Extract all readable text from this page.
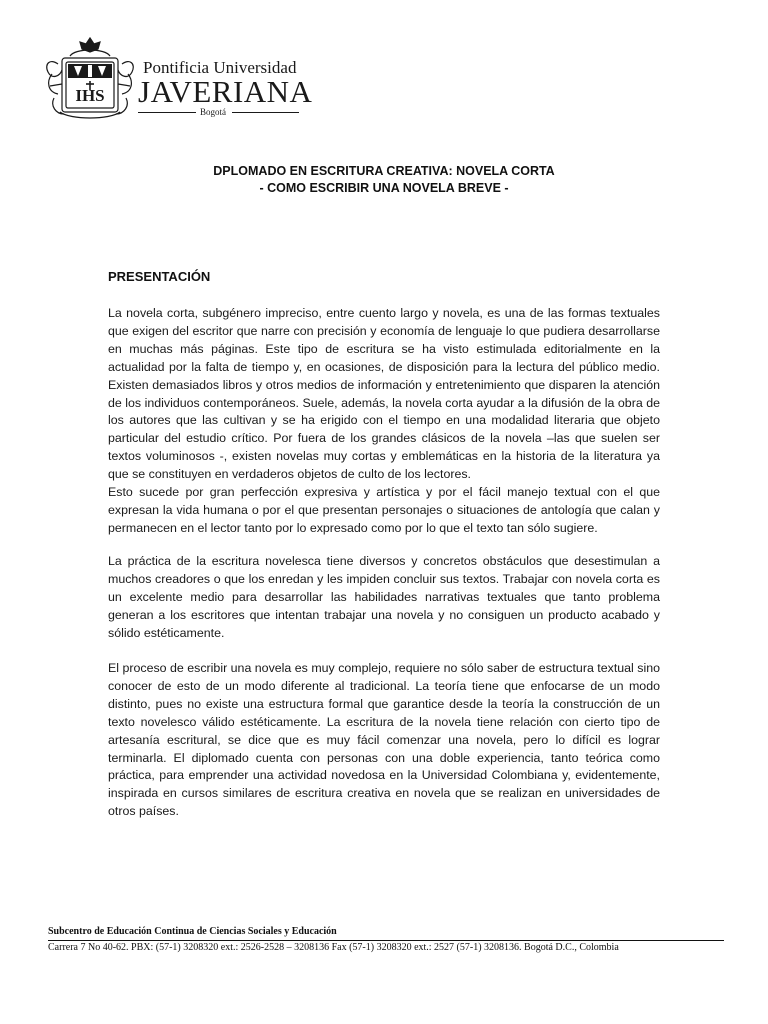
IHS
Pontificia Universidad
JAVERIANA
Bogotá
DPLOMADO EN ESCRITURA CREATIVA: NOVELA CORTA
- COMO ESCRIBIR UNA NOVELA BREVE -
PRESENTACIÓN

La novela corta, subgénero impreciso, entre cuento largo y novela, es una de las formas textuales que exigen del escritor que narre con precisión y economía de lenguaje lo que pudiera desarrollarse en muchas más páginas. Este tipo de escritura se ha visto estimulada editorialmente en la actualidad por la falta de tiempo y, en ocasiones, de disposición para la lectura del público medio. Existen demasiados libros y otros medios de información y entretenimiento que disparen la atención de los individuos contemporáneos. Suele, además, la novela corta ayudar a la difusión de la obra de los autores que las cultivan y se ha erigido con el tiempo en una modalidad literaria que objeto particular del estudio crítico. Por fuera de los grandes clásicos de la novela –las que suelen ser textos voluminosos -, existen novelas muy cortas y emblemáticas en la historia de la literatura ya que se constituyen en verdaderos objetos de culto de los lectores.

Esto sucede por gran perfección expresiva y artística y por el fácil manejo textual con el que expresan la vida humana o por el que presentan personajes o situaciones de antología que calan y permanecen en el lector tanto por lo expresado como por lo que el texto tan sólo sugiere.

La práctica de la escritura novelesca tiene diversos y concretos obstáculos que desestimulan a muchos creadores o que los enredan y les impiden concluir sus textos. Trabajar con novela corta es un excelente medio para desarrollar las habilidades narrativas textuales que tanto problema generan a los escritores que intentan trabajar una novela y no consiguen un producto acabado y sólido estéticamente.

El proceso de escribir una novela es muy complejo, requiere no sólo saber de estructura textual sino conocer de esto de un modo diferente al tradicional. La teoría tiene que enfocarse de un modo distinto, pues no existe una estructura formal que garantice desde la teoría la construcción de un texto novelesco válido estéticamente. La escritura de la novela tiene relación con cierto tipo de artesanía escritural, se dice que es muy fácil comenzar una novela, pero lo difícil es lograr terminarla. El diplomado cuenta con personas con una doble experiencia, tanto teórica como práctica, para emprender una actividad novedosa en la Universidad Colombiana y, evidentemente, inspirada en cursos similares de escritura creativa en novela que se realizan en universidades de otros países.

Subcentro de Educación Continua de Ciencias Sociales y Educación
Carrera 7 No 40-62. PBX: (57-1) 3208320 ext.: 2526-2528 – 3208136 Fax (57-1) 3208320 ext.: 2527 (57-1) 3208136. Bogotá D.C., Colombia
